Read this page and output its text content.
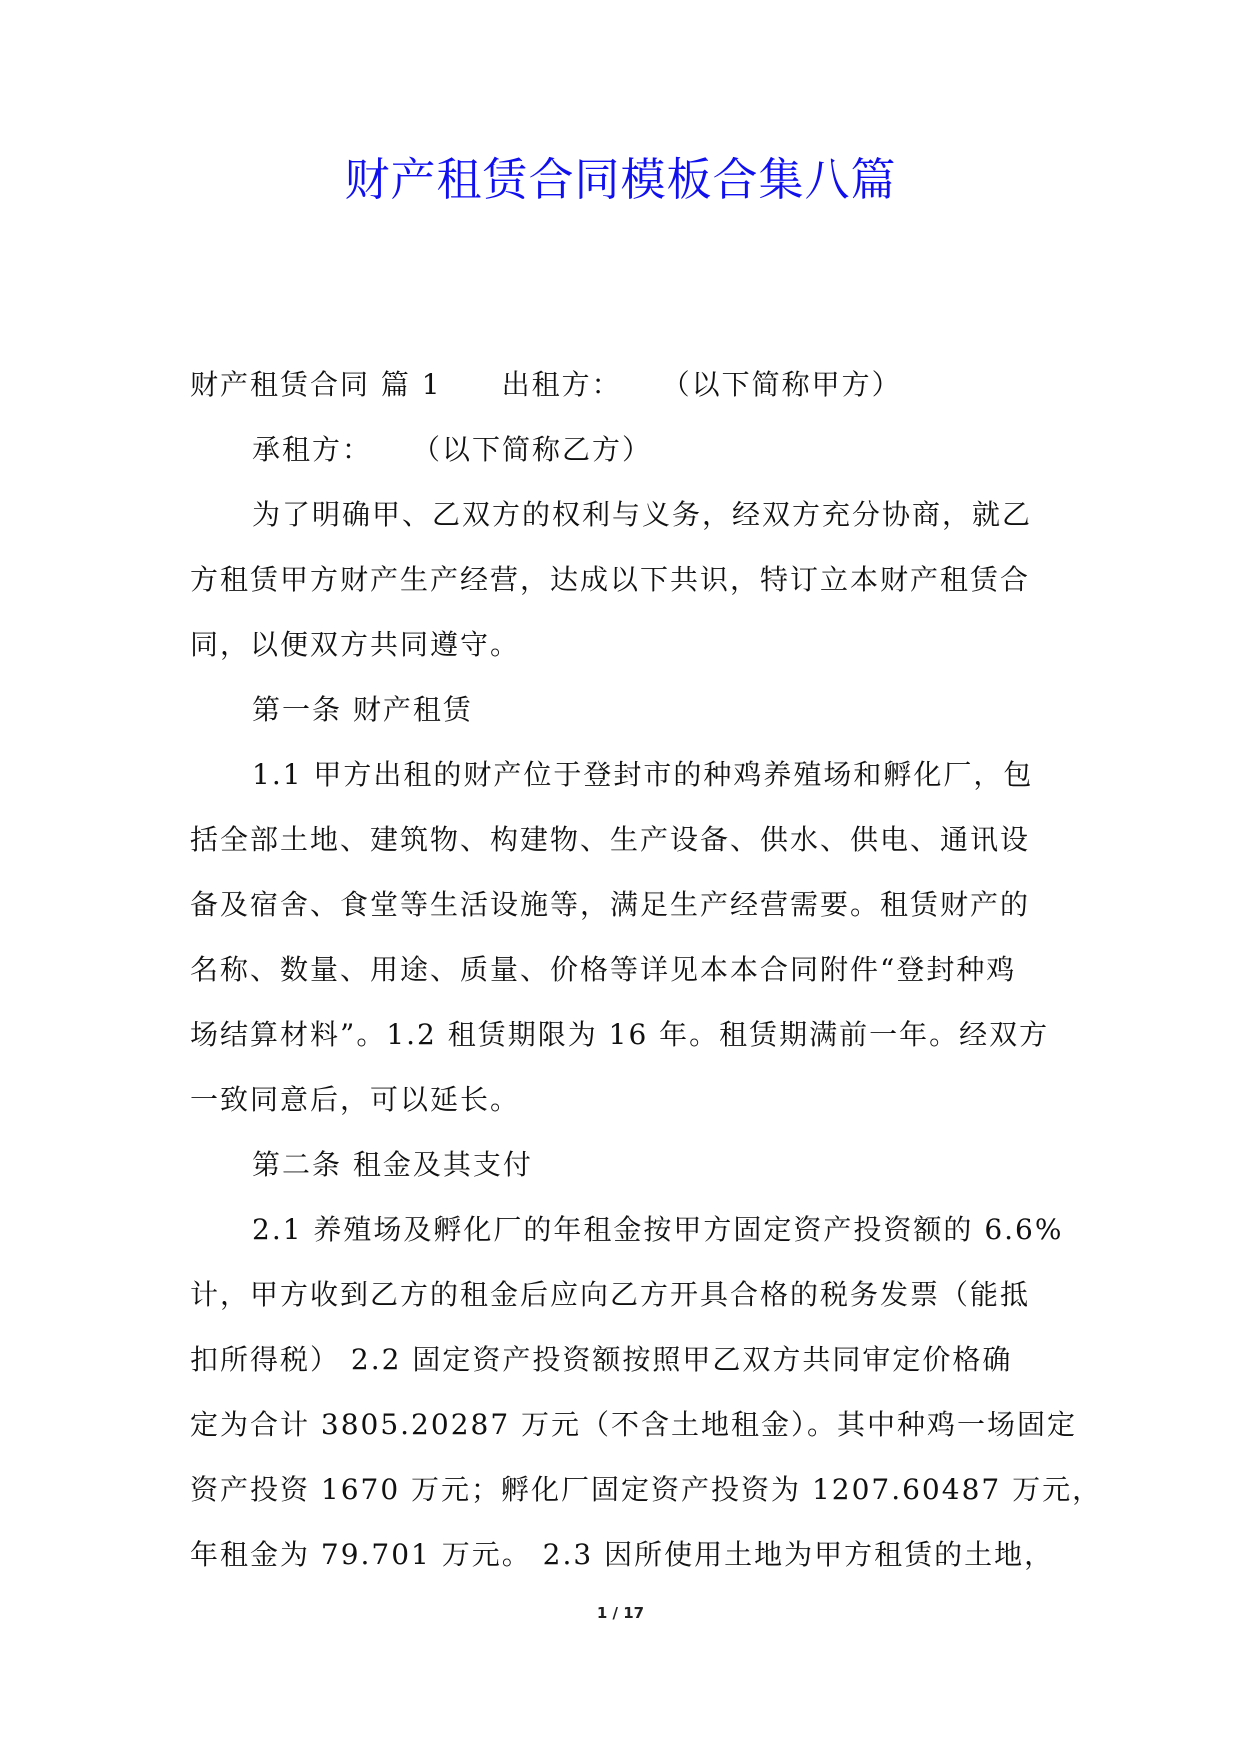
财产租赁合同模板合集八篇
财产租赁合同 篇 1 出租方： （以下简称甲方）
承租方： （以下简称乙方）
为了明确甲、乙双方的权利与义务，经双方充分协商，就乙
方租赁甲方财产生产经营，达成以下共识，特订立本财产租赁合
同，以便双方共同遵守。
第一条 财产租赁
1.1 甲方出租的财产位于登封市的种鸡养殖场和孵化厂，包
括全部土地、建筑物、构建物、生产设备、供水、供电、通讯设
备及宿舍、食堂等生活设施等，满足生产经营需要。租赁财产的
名称、数量、用途、质量、价格等详见本本合同附件“登封种鸡
场结算材料”。1.2 租赁期限为 16 年。租赁期满前一年。经双方
一致同意后，可以延长。
第二条 租金及其支付
2.1 养殖场及孵化厂的年租金按甲方固定资产投资额的 6.6%
计，甲方收到乙方的租金后应向乙方开具合格的税务发票（能抵
扣所得税） 2.2 固定资产投资额按照甲乙双方共同审定价格确
定为合计 3805.20287 万元（不含土地租金）。其中种鸡一场固定
资产投资 1670 万元；孵化厂固定资产投资为 1207.60487 万元，
年租金为 79.701 万元。 2.3 因所使用土地为甲方租赁的土地，
1 / 17
